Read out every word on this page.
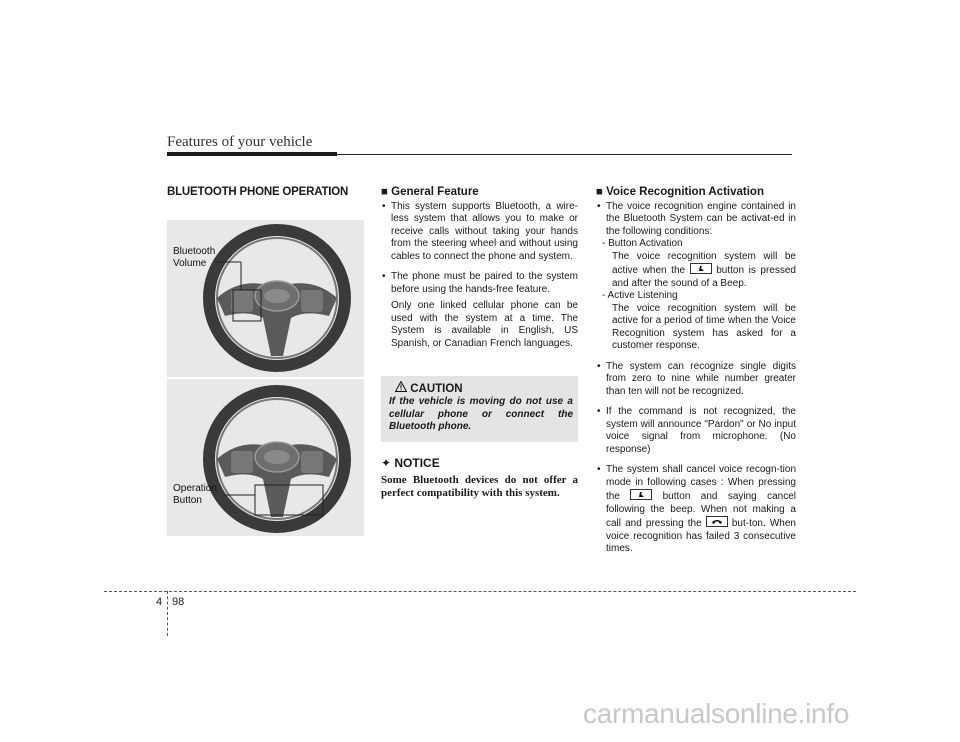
Features of your vehicle
BLUETOOTH PHONE OPERATION
Bluetooth
Volume
Operation
Button
■ General Feature
• This system supports Bluetooth, a wire-less system that allows you to make or receive calls without taking your hands from the steering wheel and without using cables to connect the phone and system.
• The phone must be paired to the system before using the hands-free feature.
Only one linked cellular phone can be used with the system at a time. The System is available in English, US Spanish, or Canadian French languages.
CAUTION
If the vehicle is moving do not use a cellular phone or connect the Bluetooth phone.
✦ NOTICE
Some Bluetooth devices do not offer a perfect compatibility with this system.
■ Voice Recognition Activation
• The voice recognition engine contained in the Bluetooth System can be activat-ed in the following conditions:
- Button Activation
The voice recognition system will be active when the	button is pressed and after the sound of a Beep.
- Active Listening
The voice recognition system will be active for a period of time when the Voice Recognition system has asked for a customer response.
• The system can recognize single digits from zero to nine while number greater than ten will not be recognized.
• If the command is not recognized, the system will announce "Pardon" or No input voice signal from microphone. (No response)
• The system shall cancel voice recogn-tion mode in following cases : When pressing the	button and saying cancel following the beep. When not making a call and pressing the	but-ton. When voice recognition has failed 3 consecutive times.
4 98
carmanualsonline.info
